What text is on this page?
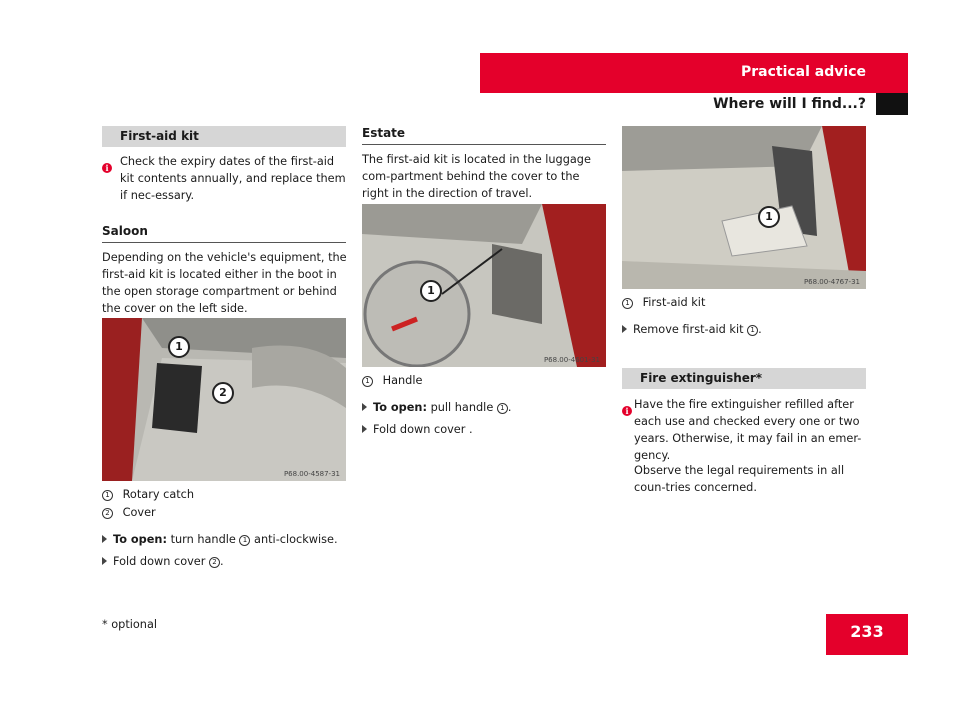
Practical advice
Where will I find...?
First-aid kit
i	Check the expiry dates of the first-aid kit contents annually, and replace them if nec-essary.
Saloon
Depending on the vehicle's equipment, the first-aid kit is located either in the boot in the open storage compartment or behind the cover on the left side.
1
2
P68.00-4587-31
1 Rotary catch
2 Cover
To open: turn handle 1 anti-clockwise.
Fold down cover 2 .
Estate
The first-aid kit is located in the luggage com-partment behind the cover to the right in the direction of travel.
1
P68.00-4601-31
1 Handle
To open: pull handle 1 .
Fold down cover .
1
P68.00-4767-31
1 First-aid kit
Remove first-aid kit 1 .
Fire extinguisher*
i Have the fire extinguisher refilled after each use and checked every one or two years. Otherwise, it may fail in an emer-gency.
Observe the legal requirements in all coun-tries concerned.
* optional	233
